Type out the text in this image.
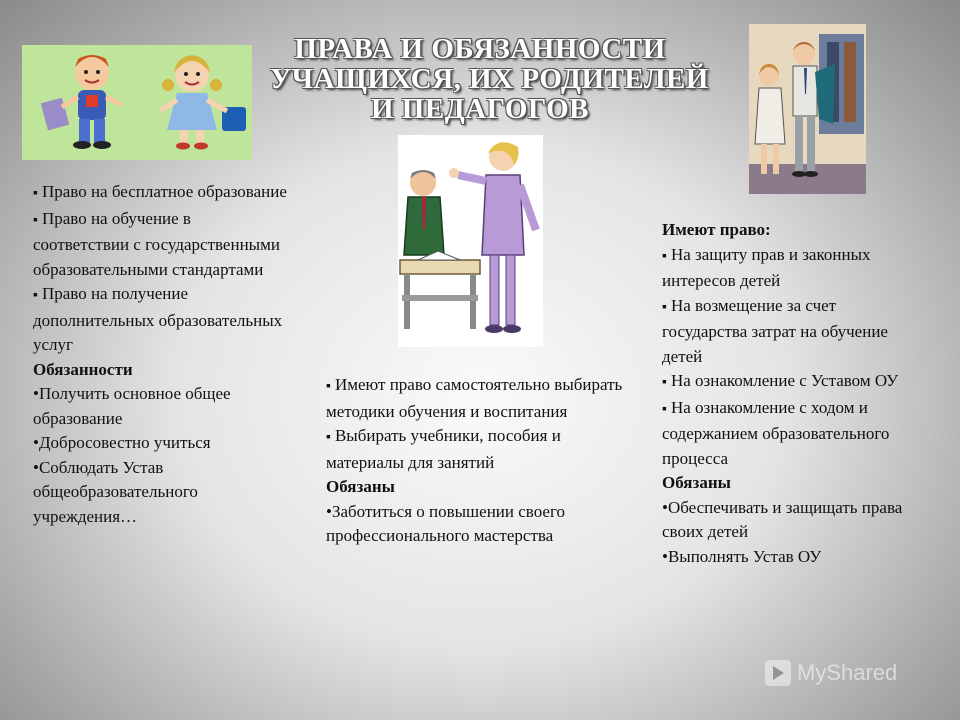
ПРАВА И ОБЯЗАННОСТИ
УЧАЩИХСЯ, ИХ РОДИТЕЛЕЙ
И ПЕДАГОГОВ

▪ Право на бесплатное образование

▪ Право на обучение в соответствии с государственными образовательными стандартами

▪ Право на получение дополнительных образовательных услуг

Обязанности

• Получить основное общее образование

• Добросовестно учиться

• Соблюдать Устав общеобразовательного учреждения…

▪ Имеют право самостоятельно выбирать методики обучения и воспитания

▪ Выбирать учебники, пособия и материалы для занятий

Обязаны

• Заботиться о повышении своего профессионального мастерства

Имеют право:

▪ На защиту прав и законных интересов детей

▪ На возмещение за счет государства затрат на обучение детей

▪ На ознакомление с Уставом ОУ

▪ На ознакомление с ходом и содержанием образовательного процесса

Обязаны

• Обеспечивать и защищать права своих детей

• Выполнять Устав ОУ

MyShared
